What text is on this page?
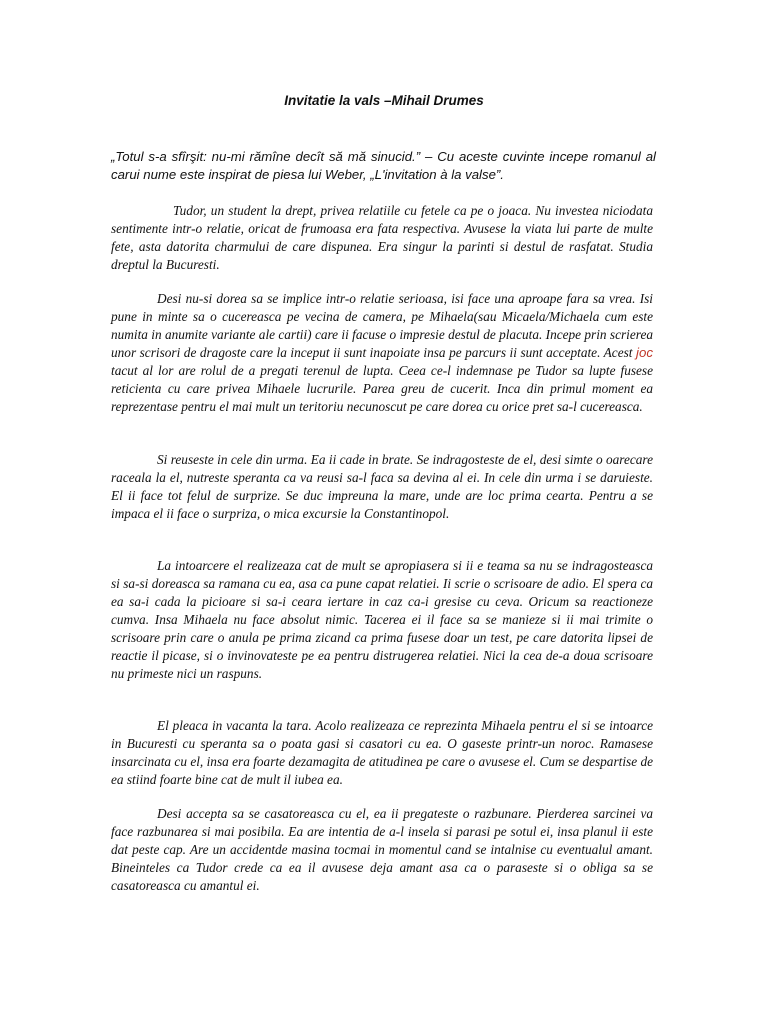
Invitatie la vals –Mihail Drumes

„Totul s-a sfîrşit: nu-mi rămîne decît să mă sinucid.” – Cu aceste cuvinte incepe romanul al carui nume este inspirat de piesa lui Weber, „L'invitation à la valse”.

Tudor, un student la drept, privea relatiile cu fetele ca pe o joaca. Nu investea niciodata sentimente intr-o relatie, oricat de frumoasa era fata respectiva. Avusese la viata lui parte de multe fete, asta datorita charmului de care dispunea. Era singur la parinti si destul de rasfatat. Studia dreptul la Bucuresti.

Desi nu-si dorea sa se implice intr-o relatie serioasa, isi face una aproape fara sa vrea. Isi pune in minte sa o cucereasca pe vecina de camera, pe Mihaela(sau Micaela/Michaela cum este numita in anumite variante ale cartii) care ii facuse o impresie destul de placuta. Incepe prin scrierea unor scrisori de dragoste care la inceput ii sunt inapoiate insa pe parcurs ii sunt acceptate. Acest joc tacut al lor are rolul de a pregati terenul de lupta. Ceea ce-l indemnase pe Tudor sa lupte fusese reticienta cu care privea Mihaele lucrurile. Parea greu de cucerit. Inca din primul moment ea reprezentase pentru el mai mult un teritoriu necunoscut pe care dorea cu orice pret sa-l cucereasca.

Si reuseste in cele din urma. Ea ii cade in brate. Se indragosteste de el, desi simte o oarecare raceala la el, nutreste speranta ca va reusi sa-l faca sa devina al ei. In cele din urma i se daruieste. El ii face tot felul de surprize. Se duc impreuna la mare, unde are loc prima cearta. Pentru a se impaca el ii face o surpriza, o mica excursie la Constantinopol.

La intoarcere el realizeaza cat de mult se apropiasera si ii e teama sa nu se indragosteasca si sa-si doreasca sa ramana cu ea, asa ca pune capat relatiei. Ii scrie o scrisoare de adio. El spera ca ea sa-i cada la picioare si sa-i ceara iertare in caz ca-i gresise cu ceva. Oricum sa reactioneze cumva. Insa Mihaela nu face absolut nimic. Tacerea ei il face sa se manieze si ii mai trimite o scrisoare prin care o anula pe prima zicand ca prima fusese doar un test, pe care datorita lipsei de reactie il picase, si o invinovateste pe ea pentru distrugerea relatiei. Nici la cea de-a doua scrisoare nu primeste nici un raspuns.

El pleaca in vacanta la tara. Acolo realizeaza ce reprezinta Mihaela pentru el si se intoarce in Bucuresti cu speranta sa o poata gasi si casatori cu ea. O gaseste printr-un noroc. Ramasese insarcinata cu el, insa era foarte dezamagita de atitudinea pe care o avusese el. Cum se despartise de ea stiind foarte bine cat de mult il iubea ea.

Desi accepta sa se casatoreasca cu el, ea ii pregateste o razbunare. Pierderea sarcinei va face razbunarea si mai posibila. Ea are intentia de a-l insela si parasi pe sotul ei, insa planul ii este dat peste cap. Are un accidentde masina tocmai in momentul cand se intalnise cu eventualul amant. Bineinteles ca Tudor crede ca ea il avusese deja amant asa ca o paraseste si o obliga sa se casatoreasca cu amantul ei.
